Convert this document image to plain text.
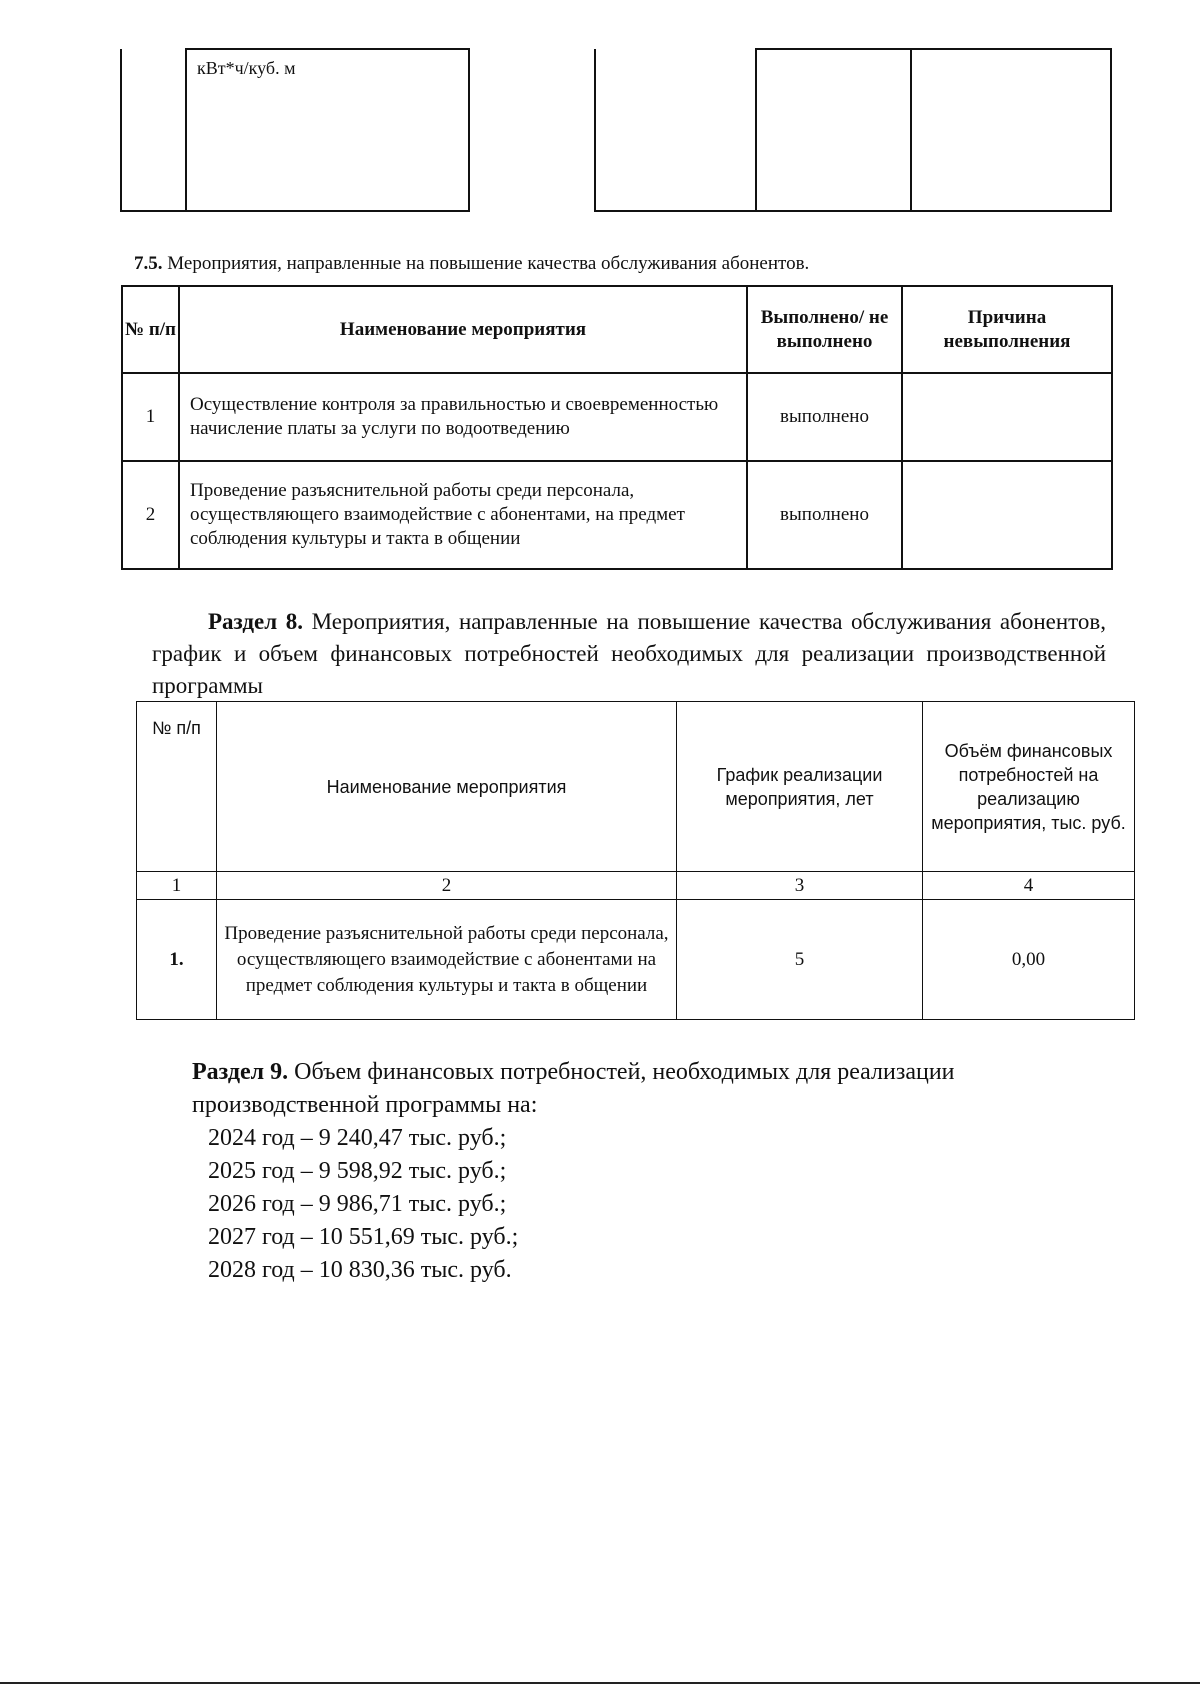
кВт*ч/куб. м

7.5. Мероприятия, направленные на повышение качества обслуживания абонентов.
№ п/п	Наименование мероприятия	Выполнено/ не выполнено	Причина невыполнения
1	Осуществление контроля за правильностью и своевременностью начисление платы за услуги по водоотведению	выполнено	
2	Проведение разъяснительной работы среди персонала, осуществляющего взаимодействие с абонентами, на предмет соблюдения культуры и такта в общении	выполнено	
Раздел 8. Мероприятия, направленные на повышение качества обслуживания абонентов, график и объем финансовых потребностей необходимых для реализации производственной программы
№ п/п	Наименование мероприятия	График реализации мероприятия, лет	Объём финансовых потребностей на реализацию мероприятия, тыс. руб.
1	2	3	4
1.	Проведение разъяснительной работы среди персонала, осуществляющего взаимодействие с абонентами на предмет соблюдения культуры и такта в общении	5	0,00
Раздел 9. Объем финансовых потребностей, необходимых для реализации производственной программы на:
2024 год – 9 240,47 тыс. руб.;
2025 год – 9 598,92 тыс. руб.;
2026 год – 9 986,71 тыс. руб.;
2027 год – 10 551,69 тыс. руб.;
2028 год – 10 830,36 тыс. руб.
